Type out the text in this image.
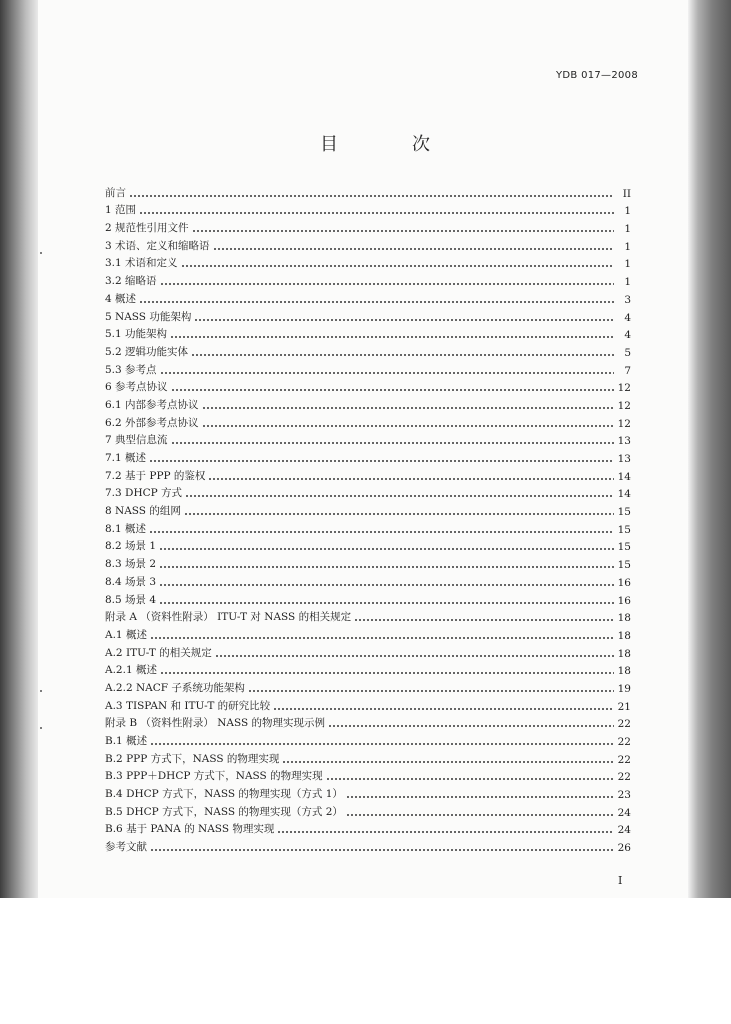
YDB 017—2008
目	次
前言	II
1 范围	1
2 规范性引用文件	1
3 术语、定义和缩略语	1
3.1 术语和定义	1
3.2 缩略语	1
4 概述	3
5 NASS 功能架构	4
5.1 功能架构	4
5.2 逻辑功能实体	5
5.3 参考点	7
6 参考点协议	12
6.1 内部参考点协议	12
6.2 外部参考点协议	12
7 典型信息流	13
7.1 概述	13
7.2 基于 PPP 的鉴权	14
7.3 DHCP 方式	14
8 NASS 的组网	15
8.1 概述	15
8.2 场景 1	15
8.3 场景 2	15
8.4 场景 3	16
8.5 场景 4	16
附录 A （资料性附录） ITU-T 对 NASS 的相关规定	18
A.1 概述	18
A.2 ITU-T 的相关规定	18
A.2.1 概述	18
A.2.2 NACF 子系统功能架构	19
A.3 TISPAN 和 ITU-T 的研究比较	21
附录 B （资料性附录） NASS 的物理实现示例	22
B.1 概述	22
B.2 PPP 方式下，NASS 的物理实现	22
B.3 PPP＋DHCP 方式下，NASS 的物理实现	22
B.4 DHCP 方式下，NASS 的物理实现（方式 1）	23
B.5 DHCP 方式下，NASS 的物理实现（方式 2）	24
B.6 基于 PANA 的 NASS 物理实现	24
参考文献	26
I
